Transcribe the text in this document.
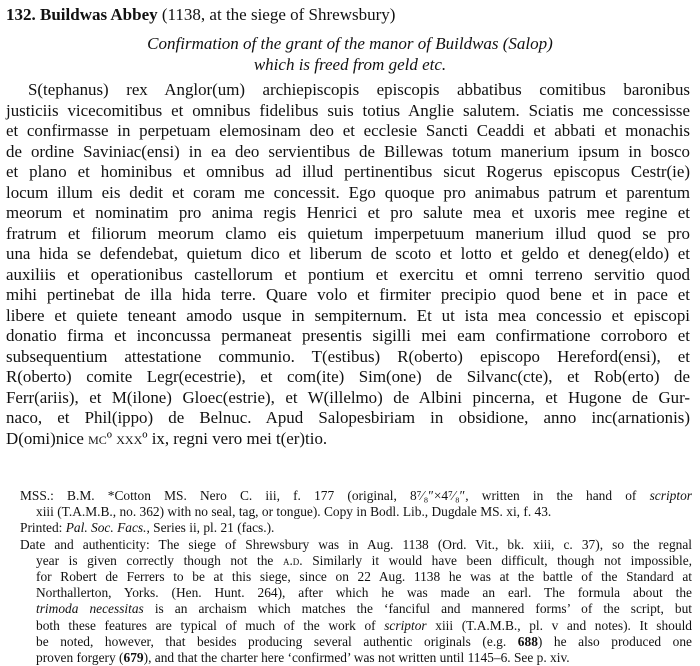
132. Buildwas Abbey (1138, at the siege of Shrewsbury)
Confirmation of the grant of the manor of Buildwas (Salop)
which is freed from geld etc.
S(tephanus) rex Anglor(um) archiepiscopis episcopis abbatibus comitibus baronibus
justiciis vicecomitibus et omnibus fidelibus suis totius Anglie salutem. Sciatis me concessisse
et confirmasse in perpetuam elemosinam deo et ecclesie Sancti Ceaddi et abbati et monachis
de ordine Saviniac(ensi) in ea deo servientibus de Billewas totum manerium ipsum in bosco
et plano et hominibus et omnibus ad illud pertinentibus sicut Rogerus episcopus Cestr(ie)
locum illum eis dedit et coram me concessit. Ego quoque pro animabus patrum et parentum
meorum et nominatim pro anima regis Henrici et pro salute mea et uxoris mee regine et
fratrum et filiorum meorum clamo eis quietum imperpetuum manerium illud quod se pro
una hida se defendebat, quietum dico et liberum de scoto et lotto et geldo et deneg(eldo) et
auxiliis et operationibus castellorum et pontium et exercitu et omni terreno servitio quod
mihi pertinebat de illa hida terre. Quare volo et firmiter precipio quod bene et in pace et
libere et quiete teneant amodo usque in sempiternum. Et ut ista mea concessio et episcopi
donatio firma et inconcussa permaneat presentis sigilli mei eam confirmatione corroboro et
subsequentium attestatione communio. T(estibus) R(oberto) episcopo Hereford(ensi), et
R(oberto) comite Legr(ecestrie), et com(ite) Sim(one) de Silvanc(cte), et Rob(erto) de
Ferr(ariis), et M(ilone) Gloec(estrie), et W(illelmo) de Albini pincerna, et Hugone de Gur-
naco, et Phil(ippo) de Belnuc. Apud Salopesbiriam in obsidione, anno inc(arnationis)
D(omi)nice mcº xxxº ix, regni vero mei t(er)tio.
MSS.: B.M. *Cotton MS. Nero C. iii, f. 177 (original, 8⁷⁄₈″×4⁷⁄₈″, written in the hand of scriptor
xiii (T.A.M.B., no. 362) with no seal, tag, or tongue). Copy in Bodl. Lib., Dugdale MS. xi, f. 43.
Printed: Pal. Soc. Facs., Series ii, pl. 21 (facs.).
Date and authenticity: The siege of Shrewsbury was in Aug. 1138 (Ord. Vit., bk. xiii, c. 37), so the regnal
year is given correctly though not the a.d. Similarly it would have been difficult, though not impossible,
for Robert de Ferrers to be at this siege, since on 22 Aug. 1138 he was at the battle of the Standard at
Northallerton, Yorks. (Hen. Hunt. 264), after which he was made an earl. The formula about the
trimoda necessitas is an archaism which matches the ‘fanciful and mannered forms’ of the script, but
both these features are typical of much of the work of scriptor xiii (T.A.M.B., pl. v and notes). It should
be noted, however, that besides producing several authentic originals (e.g. 688) he also produced one
proven forgery (679), and that the charter here ‘confirmed’ was not written until 1145–6. See p. xiv.
